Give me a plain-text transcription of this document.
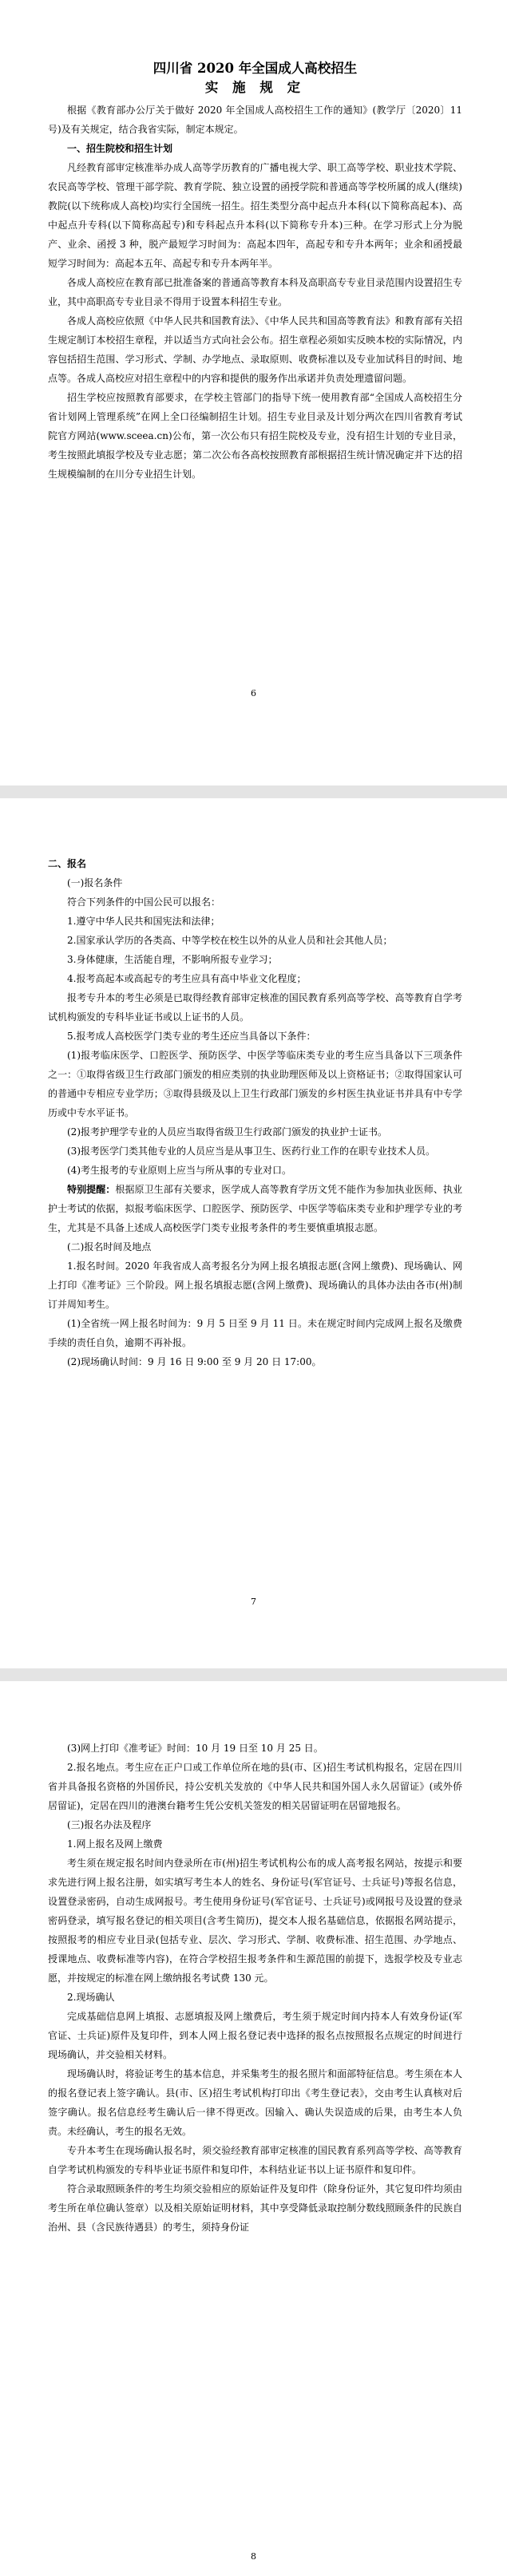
四川省 2020 年全国成人高校招生
实 施 规 定

根据《教育部办公厅关于做好 2020 年全国成人高校招生工作的通知》(教学厅〔2020〕11 号)及有关规定，结合我省实际，制定本规定。

一、招生院校和招生计划

凡经教育部审定核准举办成人高等学历教育的广播电视大学、职工高等学校、职业技术学院、农民高等学校、管理干部学院、教育学院、独立设置的函授学院和普通高等学校所属的成人(继续)教院(以下统称成人高校)均实行全国统一招生。招生类型分高中起点升本科(以下简称高起本)、高中起点升专科(以下简称高起专)和专科起点升本科(以下简称专升本)三种。在学习形式上分为脱产、业余、函授 3 种，脱产最短学习时间为：高起本四年，高起专和专升本两年；业余和函授最短学习时间为：高起本五年、高起专和专升本两年半。

各成人高校应在教育部已批准备案的普通高等教育本科及高职高专专业目录范围内设置招生专业，其中高职高专专业目录不得用于设置本科招生专业。

各成人高校应依照《中华人民共和国教育法》、《中华人民共和国高等教育法》和教育部有关招生规定制订本校招生章程，并以适当方式向社会公布。招生章程必须如实反映本校的实际情况，内容包括招生范围、学习形式、学制、办学地点、录取原则、收费标准以及专业加试科目的时间、地点等。各成人高校应对招生章程中的内容和提供的服务作出承诺并负责处理遗留问题。

招生学校应按照教育部要求，在学校主管部门的指导下统一使用教育部“全国成人高校招生分省计划网上管理系统”在网上全口径编制招生计划。招生专业目录及计划分两次在四川省教育考试院官方网站(www.sceea.cn)公布，第一次公布只有招生院校及专业，没有招生计划的专业目录，考生按照此填报学校及专业志愿；第二次公布各高校按照教育部根据招生统计情况确定并下达的招生规模编制的在川分专业招生计划。

6

二、报名

(一)报名条件

符合下列条件的中国公民可以报名：

1.遵守中华人民共和国宪法和法律；

2.国家承认学历的各类高、中等学校在校生以外的从业人员和社会其他人员；

3.身体健康，生活能自理，不影响所报专业学习；

4.报考高起本或高起专的考生应具有高中毕业文化程度；

报考专升本的考生必须是已取得经教育部审定核准的国民教育系列高等学校、高等教育自学考试机构颁发的专科毕业证书或以上证书的人员。

5.报考成人高校医学门类专业的考生还应当具备以下条件：

(1)报考临床医学、口腔医学、预防医学、中医学等临床类专业的考生应当具备以下三项条件之一：①取得省级卫生行政部门颁发的相应类别的执业助理医师及以上资格证书；②取得国家认可的普通中专相应专业学历；③取得县级及以上卫生行政部门颁发的乡村医生执业证书并具有中专学历或中专水平证书。

(2)报考护理学专业的人员应当取得省级卫生行政部门颁发的执业护士证书。

(3)报考医学门类其他专业的人员应当是从事卫生、医药行业工作的在职专业技术人员。

(4)考生报考的专业原则上应当与所从事的专业对口。

特别提醒：根据原卫生部有关要求，医学成人高等教育学历文凭不能作为参加执业医师、执业护士考试的依据，拟报考临床医学、口腔医学、预防医学、中医学等临床类专业和护理学专业的考生，尤其是不具备上述成人高校医学门类专业报考条件的考生要慎重填报志愿。

(二)报名时间及地点

1.报名时间。2020 年我省成人高考报名分为网上报名填报志愿(含网上缴费)、现场确认、网上打印《准考证》三个阶段。网上报名填报志愿(含网上缴费)、现场确认的具体办法由各市(州)制订并周知考生。

(1)全省统一网上报名时间为：9 月 5 日至 9 月 11 日。未在规定时间内完成网上报名及缴费手续的责任自负，逾期不再补报。

(2)现场确认时间：9 月 16 日 9:00 至 9 月 20 日 17:00。

7

(3)网上打印《准考证》时间：10 月 19 日至 10 月 25 日。

2.报名地点。考生应在正户口或工作单位所在地的县(市、区)招生考试机构报名，定居在四川省并具备报名资格的外国侨民，持公安机关发放的《中华人民共和国外国人永久居留证》(或外侨居留证)，定居在四川的港澳台籍考生凭公安机关签发的相关居留证明在居留地报名。

(三)报名办法及程序

1.网上报名及网上缴费

考生须在规定报名时间内登录所在市(州)招生考试机构公布的成人高考报名网站，按提示和要求先进行网上报名注册，如实填写考生本人的姓名、身份证号(军官证号、士兵证号)等报名信息，设置登录密码，自动生成网报号。考生使用身份证号(军官证号、士兵证号)或网报号及设置的登录密码登录，填写报名登记的相关项目(含考生简历)，提交本人报名基础信息，依据报名网站提示，按照报考的相应专业目录(包括专业、层次、学习形式、学制、收费标准、招生范围、办学地点、授课地点、收费标准等内容)，在符合学校招生报考条件和生源范围的前提下，选报学校及专业志愿，并按规定的标准在网上缴纳报名考试费 130 元。

2.现场确认

完成基础信息网上填报、志愿填报及网上缴费后，考生须于规定时间内持本人有效身份证(军官证、士兵证)原件及复印件，到本人网上报名登记表中选择的报名点按照报名点规定的时间进行现场确认，并交验相关材料。

现场确认时，将验证考生的基本信息，并采集考生的报名照片和面部特征信息。考生须在本人的报名登记表上签字确认。县(市、区)招生考试机构打印出《考生登记表》，交由考生认真核对后签字确认。报名信息经考生确认后一律不得更改。因输入、确认失误造成的后果，由考生本人负责。未经确认，考生的报名无效。

专升本考生在现场确认报名时，须交验经教育部审定核准的国民教育系列高等学校、高等教育自学考试机构颁发的专科毕业证书原件和复印件，本科结业证书以上证书原件和复印件。

符合录取照顾条件的考生均须交验相应的原始证件及复印件（除身份证外，其它复印件均须由考生所在单位确认签章）以及相关原始证明材料，其中享受降低录取控制分数线照顾条件的民族自治州、县（含民族待遇县）的考生，须持身份证

8
